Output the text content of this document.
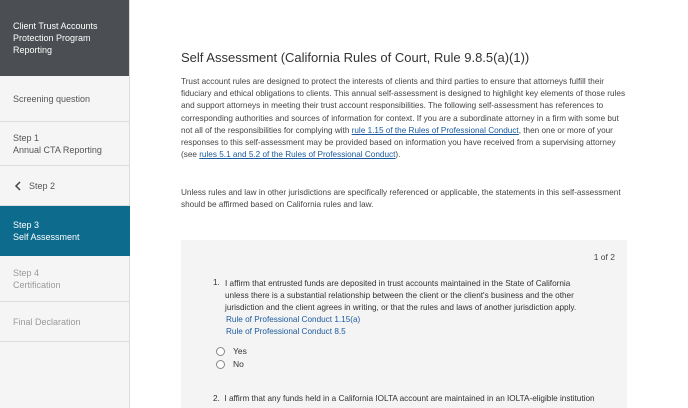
Client Trust Accounts Protection Program Reporting
Screening question
Step 1
Annual CTA Reporting
Step 2
Step 3
Self Assessment
Step 4
Certification
Final Declaration
Self Assessment (California Rules of Court, Rule 9.8.5(a)(1))
Trust account rules are designed to protect the interests of clients and third parties to ensure that attorneys fulfill their fiduciary and ethical obligations to clients. This annual self-assessment is designed to highlight key elements of those rules and support attorneys in meeting their trust account responsibilities. The following self-assessment has references to corresponding authorities and sources of information for context. If you are a subordinate attorney in a firm with some but not all of the responsibilities for complying with rule 1.15 of the Rules of Professional Conduct, then one or more of your responses to this self-assessment may be provided based on information you have received from a supervising attorney (see rules 5.1 and 5.2 of the Rules of Professional Conduct).
Unless rules and law in other jurisdictions are specifically referenced or applicable, the statements in this self-assessment should be affirmed based on California rules and law.
1 of 2
1. I affirm that entrusted funds are deposited in trust accounts maintained in the State of California unless there is a substantial relationship between the client or the client's business and the other jurisdiction and the client agrees in writing, or that the rules and laws of another jurisdiction apply.
Rule of Professional Conduct 1.15(a)
Rule of Professional Conduct 8.5
Yes
No
2. I affirm that any funds held in a California IOLTA account are maintained in an IOLTA-eligible institution
